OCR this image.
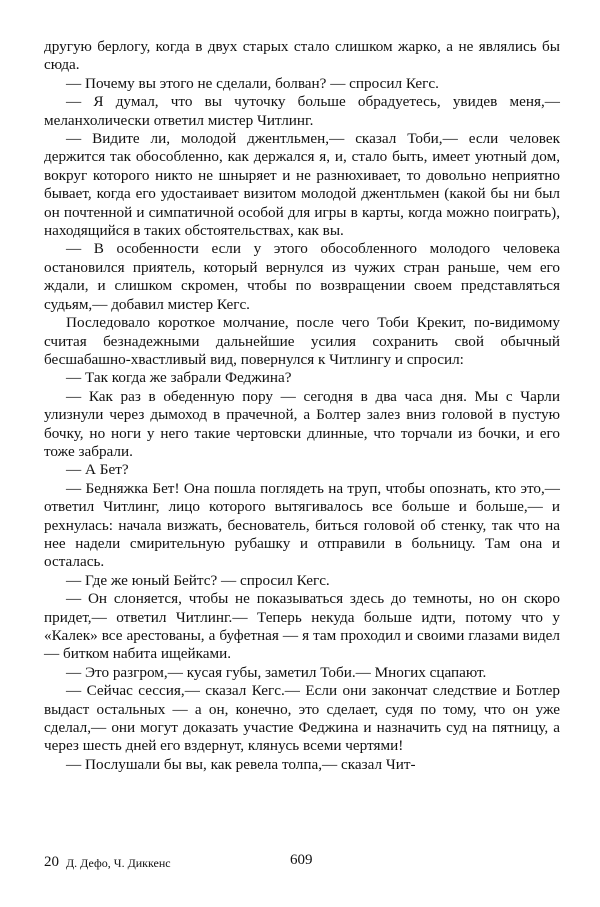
другую берлогу, когда в двух старых стало слишком жарко, а не являлись бы сюда.

— Почему вы этого не сделали, болван? — спросил Кегс.

— Я думал, что вы чуточку больше обрадуетесь, увидев меня,— меланхолически ответил мистер Читлинг.

— Видите ли, молодой джентльмен,— сказал Тоби,— если человек держится так обособленно, как держался я, и, стало быть, имеет уютный дом, вокруг которого никто не шныряет и не разнюхивает, то довольно неприятно бывает, когда его удостаивает визитом молодой джентльмен (какой бы ни был он почтенной и симпатичной особой для игры в карты, когда можно поиграть), находящийся в таких обстоятельствах, как вы.

— В особенности если у этого обособленного молодого человека остановился приятель, который вернулся из чужих стран раньше, чем его ждали, и слишком скромен, чтобы по возвращении своем представляться судьям,— добавил мистер Кегс.

Последовало короткое молчание, после чего Тоби Крекит, по-видимому считая безнадежными дальнейшие усилия сохранить свой обычный бесшабашно-хвастливый вид, повернулся к Читлингу и спросил:

— Так когда же забрали Феджина?

— Как раз в обеденную пору — сегодня в два часа дня. Мы с Чарли улизнули через дымоход в прачечной, а Болтер залез вниз головой в пустую бочку, но ноги у него такие чертовски длинные, что торчали из бочки, и его тоже забрали.

— А Бет?

— Бедняжка Бет! Она пошла поглядеть на труп, чтобы опознать, кто это,— ответил Читлинг, лицо которого вытягивалось все больше и больше,— и рехнулась: начала визжать, беснователь, биться головой об стенку, так что на нее надели смирительную рубашку и отправили в больницу. Там она и осталась.

— Где же юный Бейтс? — спросил Кегс.

— Он слоняется, чтобы не показываться здесь до темноты, но он скоро придет,— ответил Читлинг.— Теперь некуда больше идти, потому что у «Калек» все арестованы, а буфетная — я там проходил и своими глазами видел — битком набита ищейками.

— Это разгром,— кусая губы, заметил Тоби.— Многих сцапают.

— Сейчас сессия,— сказал Кегс.— Если они закончат следствие и Ботлер выдаст остальных — а он, конечно, это сделает, судя по тому, что он уже сделал,— они могут доказать участие Феджина и назначить суд на пятницу, а через шесть дней его вздернут, клянусь всеми чертями!

— Послушали бы вы, как ревела толпа,— сказал Чит-

20 Д. Дефо, Ч. Диккенс	609
